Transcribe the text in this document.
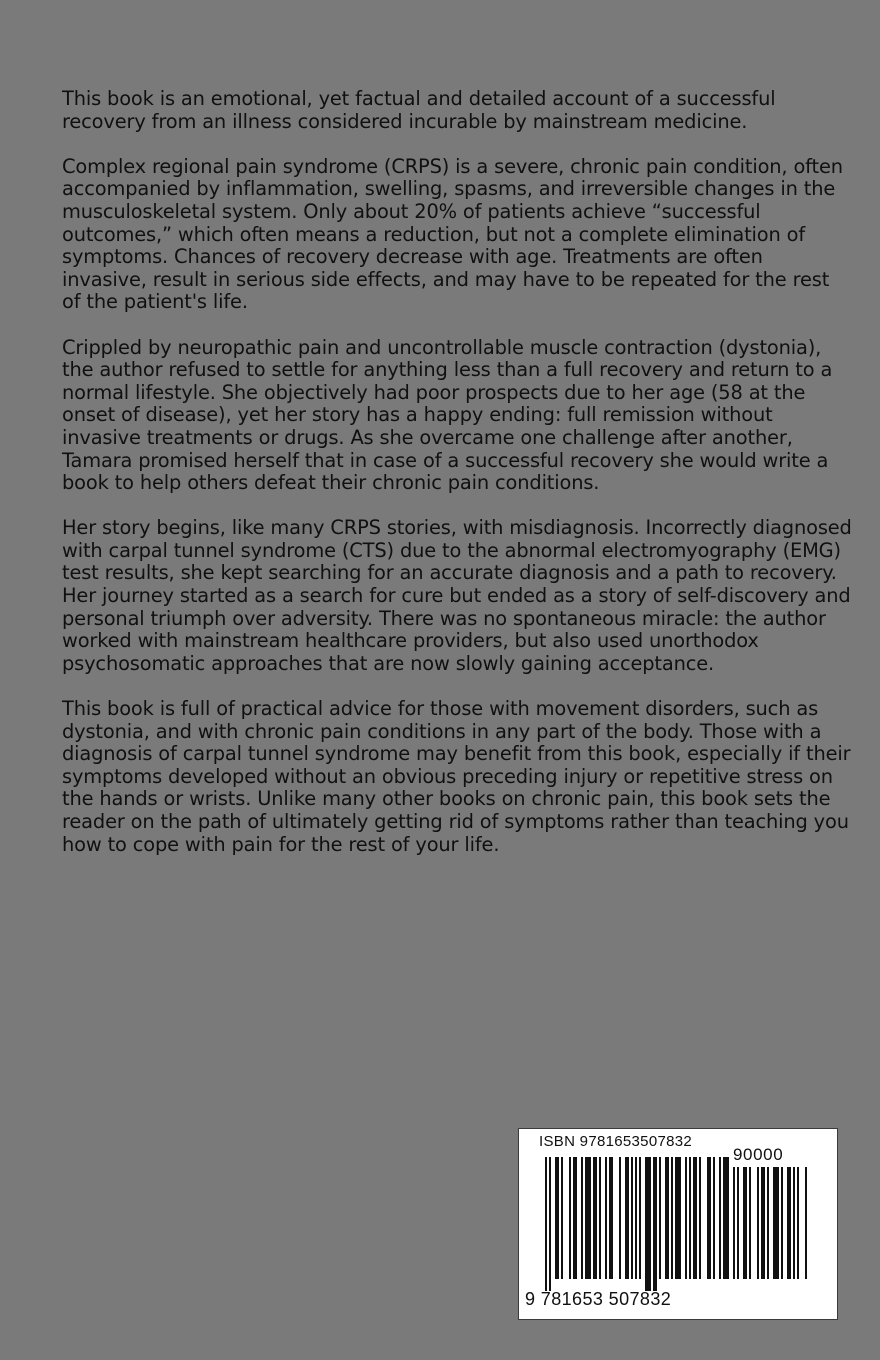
This book is an emotional, yet factual and detailed account of a successful recovery from an illness considered incurable by mainstream medicine.

Complex regional pain syndrome (CRPS) is a severe, chronic pain condition, often accompanied by inflammation, swelling, spasms, and irreversible changes in the musculoskeletal system. Only about 20% of patients achieve “successful outcomes,” which often means a reduction, but not a complete elimination of symptoms. Chances of recovery decrease with age. Treatments are often invasive, result in serious side effects, and may have to be repeated for the rest of the patient's life.

Crippled by neuropathic pain and uncontrollable muscle contraction (dystonia), the author refused to settle for anything less than a full recovery and return to a normal lifestyle. She objectively had poor prospects due to her age (58 at the onset of disease), yet her story has a happy ending: full remission without invasive treatments or drugs. As she overcame one challenge after another, Tamara promised herself that in case of a successful recovery she would write a book to help others defeat their chronic pain conditions.

Her story begins, like many CRPS stories, with misdiagnosis. Incorrectly diagnosed with carpal tunnel syndrome (CTS) due to the abnormal electromyography (EMG) test results, she kept searching for an accurate diagnosis and a path to recovery. Her journey started as a search for cure but ended as a story of self-discovery and personal triumph over adversity. There was no spontaneous miracle: the author worked with mainstream healthcare providers, but also used unorthodox psychosomatic approaches that are now slowly gaining acceptance.

This book is full of practical advice for those with movement disorders, such as dystonia, and with chronic pain conditions in any part of the body. Those with a diagnosis of carpal tunnel syndrome may benefit from this book, especially if their symptoms developed without an obvious preceding injury or repetitive stress on the hands or wrists. Unlike many other books on chronic pain, this book sets the reader on the path of ultimately getting rid of symptoms rather than teaching you how to cope with pain for the rest of your life.

ISBN 9781653507832
90000
9 781653 507832
